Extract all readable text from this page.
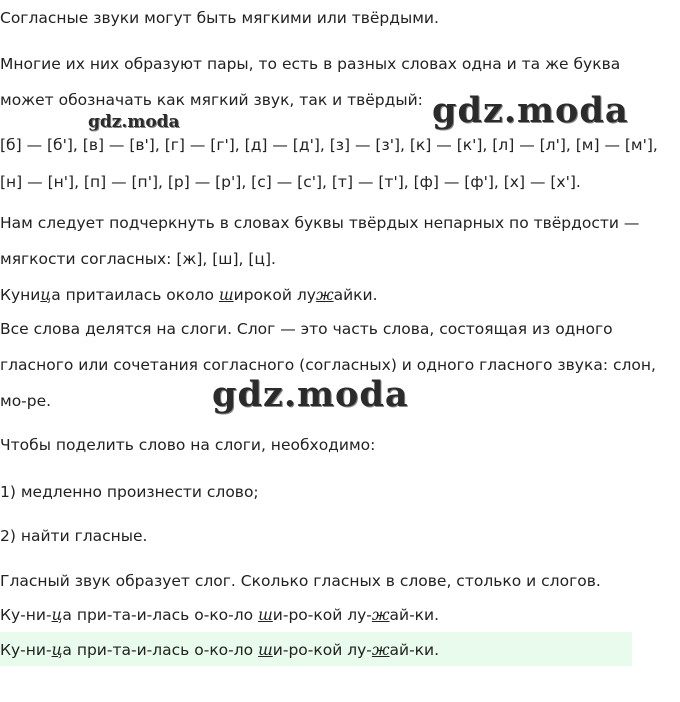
Согласные звуки могут быть мягкими или твёрдыми.
Многие их них образуют пары, то есть в разных словах одна и та же буква
может обозначать как мягкий звук, так и твёрдый:
[б] — [б'], [в] — [в'], [г] — [г'], [д] — [д'], [з] — [з'], [к] — [к'], [л] — [л'], [м] — [м'],
[н] — [н'], [п] — [п'], [р] — [р'], [с] — [с'], [т] — [т'], [ф] — [ф'], [х] — [х'].
Нам следует подчеркнуть в словах буквы твёрдых непарных по твёрдости —
мягкости согласных: [ж], [ш], [ц].
Куница притаилась около широкой лужайки.
Все слова делятся на слоги. Слог — это часть слова, состоящая из одного
гласного или сочетания согласного (согласных) и одного гласного звука: слон,
мо-ре.
Чтобы поделить слово на слоги, необходимо:
1) медленно произнести слово;
2) найти гласные.
Гласный звук образует слог. Сколько гласных в слове, столько и слогов.
Ку-ни-ца при-та-и-лась о-ко-ло ши-ро-кой лу-жай-ки.
Ку-ни-ца при-та-и-лась о-ко-ло ши-ро-кой лу-жай-ки.
gdz.moda
gdz.moda
gdz.moda
